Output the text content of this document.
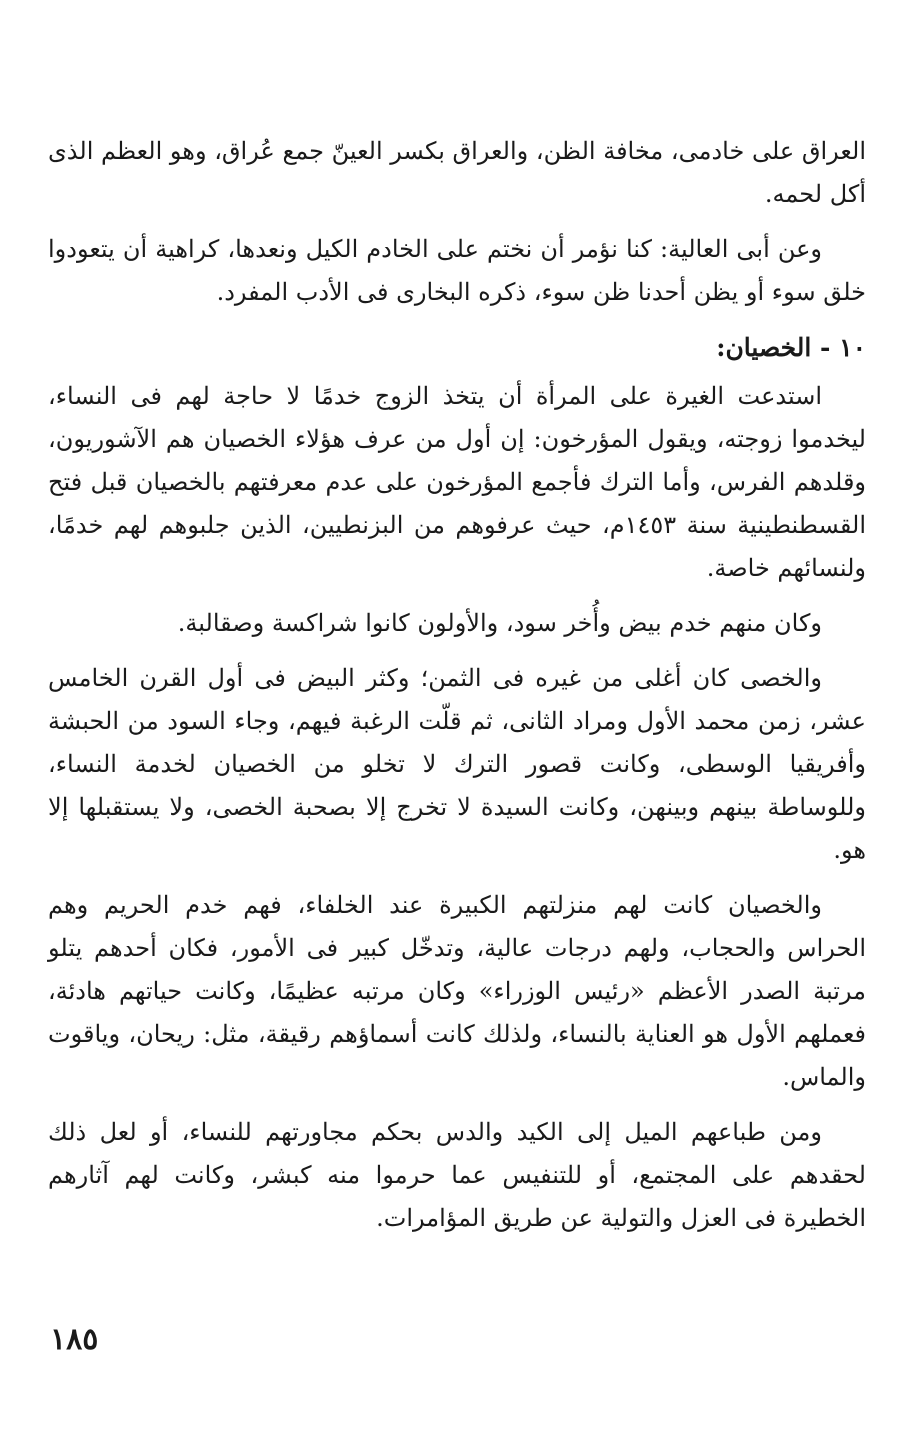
العراق على خادمى، مخافة الظن، والعراق بكسر العينّ جمع عُراق، وهو العظم الذى أكل لحمه.

وعن أبى العالية: كنا نؤمر أن نختم على الخادم الكيل ونعدها، كراهية أن يتعودوا خلق سوء أو يظن أحدنا ظن سوء، ذكره البخارى فى الأدب المفرد.

١٠ - الخصيان:

استدعت الغيرة على المرأة أن يتخذ الزوج خدمًا لا حاجة لهم فى النساء، ليخدموا زوجته، ويقول المؤرخون: إن أول من عرف هؤلاء الخصيان هم الآشوريون، وقلدهم الفرس، وأما الترك فأجمع المؤرخون على عدم معرفتهم بالخصيان قبل فتح القسطنطينية سنة ١٤٥٣م، حيث عرفوهم من البزنطيين، الذين جلبوهم لهم خدمًا، ولنسائهم خاصة.

وكان منهم خدم بيض وأُخر سود، والأولون كانوا شراكسة وصقالبة.

والخصى كان أغلى من غيره فى الثمن؛ وكثر البيض فى أول القرن الخامس عشر، زمن محمد الأول ومراد الثانى، ثم قلّت الرغبة فيهم، وجاء السود من الحبشة وأفريقيا الوسطى، وكانت قصور الترك لا تخلو من الخصيان لخدمة النساء، وللوساطة بينهم وبينهن، وكانت السيدة لا تخرج إلا بصحبة الخصى، ولا يستقبلها إلا هو.

والخصيان كانت لهم منزلتهم الكبيرة عند الخلفاء، فهم خدم الحريم وهم الحراس والحجاب، ولهم درجات عالية، وتدخّل كبير فى الأمور، فكان أحدهم يتلو مرتبة الصدر الأعظم «رئيس الوزراء» وكان مرتبه عظيمًا، وكانت حياتهم هادئة، فعملهم الأول هو العناية بالنساء، ولذلك كانت أسماؤهم رقيقة، مثل: ريحان، وياقوت والماس.

ومن طباعهم الميل إلى الكيد والدس بحكم مجاورتهم للنساء، أو لعل ذلك لحقدهم على المجتمع، أو للتنفيس عما حرموا منه كبشر، وكانت لهم آثارهم الخطيرة فى العزل والتولية عن طريق المؤامرات.

١٨٥
